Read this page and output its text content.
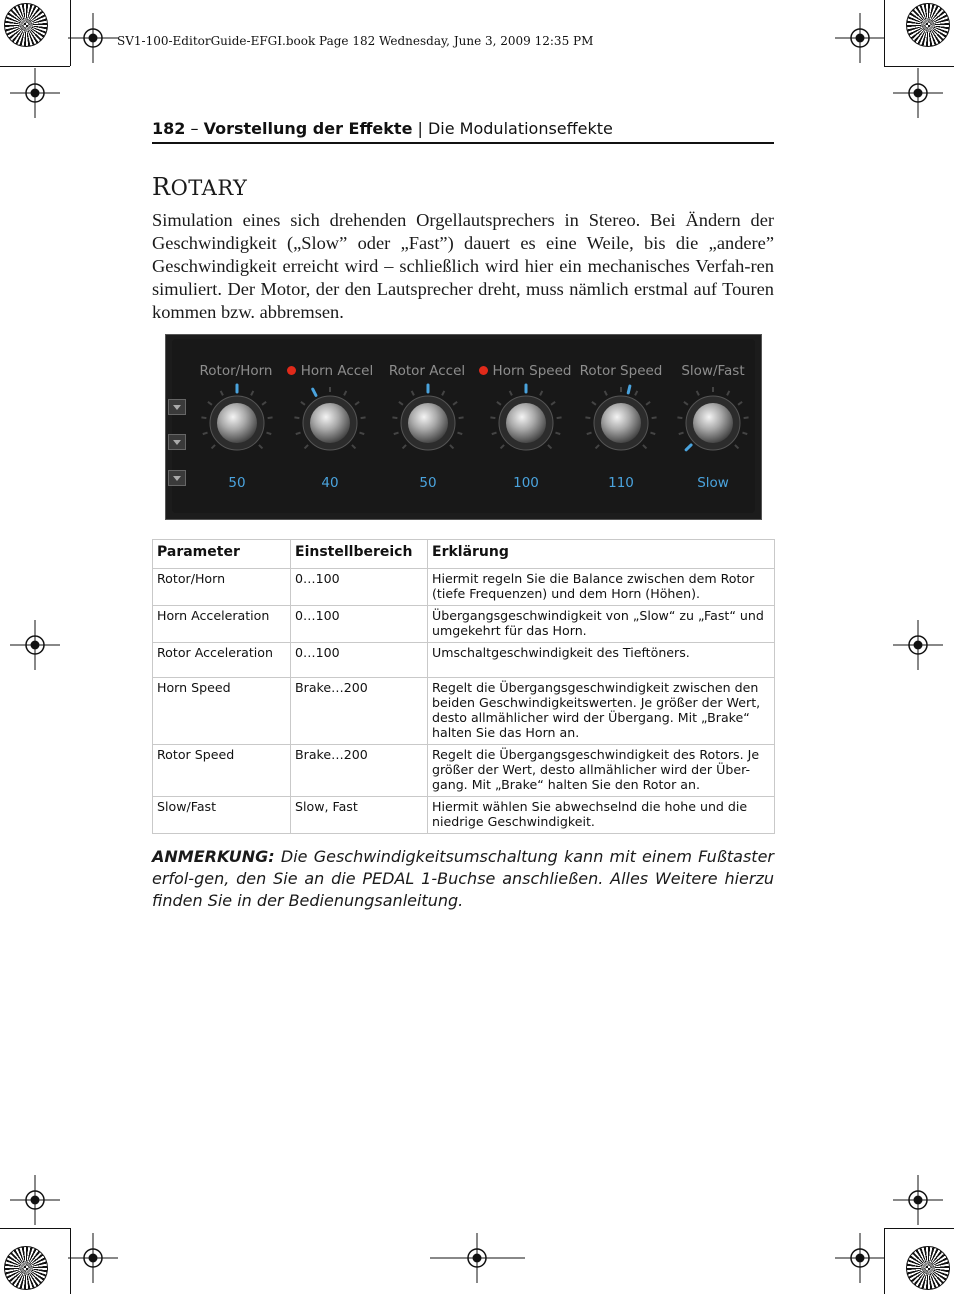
SV1-100-EditorGuide-EFGI.book Page 182 Wednesday, June 3, 2009 12:35 PM
182 – Vorstellung der Effekte | Die Modulationseffekte
ROTARY
Simulation eines sich drehenden Orgellautsprechers in Stereo. Bei Ändern der Geschwindigkeit („Slow” oder „Fast”) dauert es eine Weile, bis die „andere” Geschwindigkeit erreicht wird – schließlich wird hier ein mechanisches Verfah-ren simuliert. Der Motor, der den Lautsprecher dreht, muss nämlich erstmal auf Touren kommen bzw. abbremsen.
Rotor/Horn
50
Horn Accel
40
Rotor Accel
50
Horn Speed
100
Rotor Speed
110
Slow/Fast
Slow
Parameter	Einstellbereich	Erklärung
Rotor/Horn	0…100	Hiermit regeln Sie die Balance zwischen dem Rotor (tiefe Frequenzen) und dem Horn (Höhen).
Horn Acceleration	0…100	Übergangsgeschwindigkeit von „Slow“ zu „Fast“ und umgekehrt für das Horn.
Rotor Acceleration	0…100	Umschaltgeschwindigkeit des Tieftöners.
Horn Speed	Brake…200	Regelt die Übergangsgeschwindigkeit zwischen den beiden Geschwindigkeitswerten. Je größer der Wert, desto allmählicher wird der Übergang. Mit „Brake“ halten Sie das Horn an.
Rotor Speed	Brake…200	Regelt die Übergangsgeschwindigkeit des Rotors. Je größer der Wert, desto allmählicher wird der Über-gang. Mit „Brake“ halten Sie den Rotor an.
Slow/Fast	Slow, Fast	Hiermit wählen Sie abwechselnd die hohe und die niedrige Geschwindigkeit.
ANMERKUNG: Die Geschwindigkeitsumschaltung kann mit einem Fußtaster erfol-gen, den Sie an die PEDAL 1-Buchse anschließen. Alles Weitere hierzu finden Sie in der Bedienungsanleitung.
